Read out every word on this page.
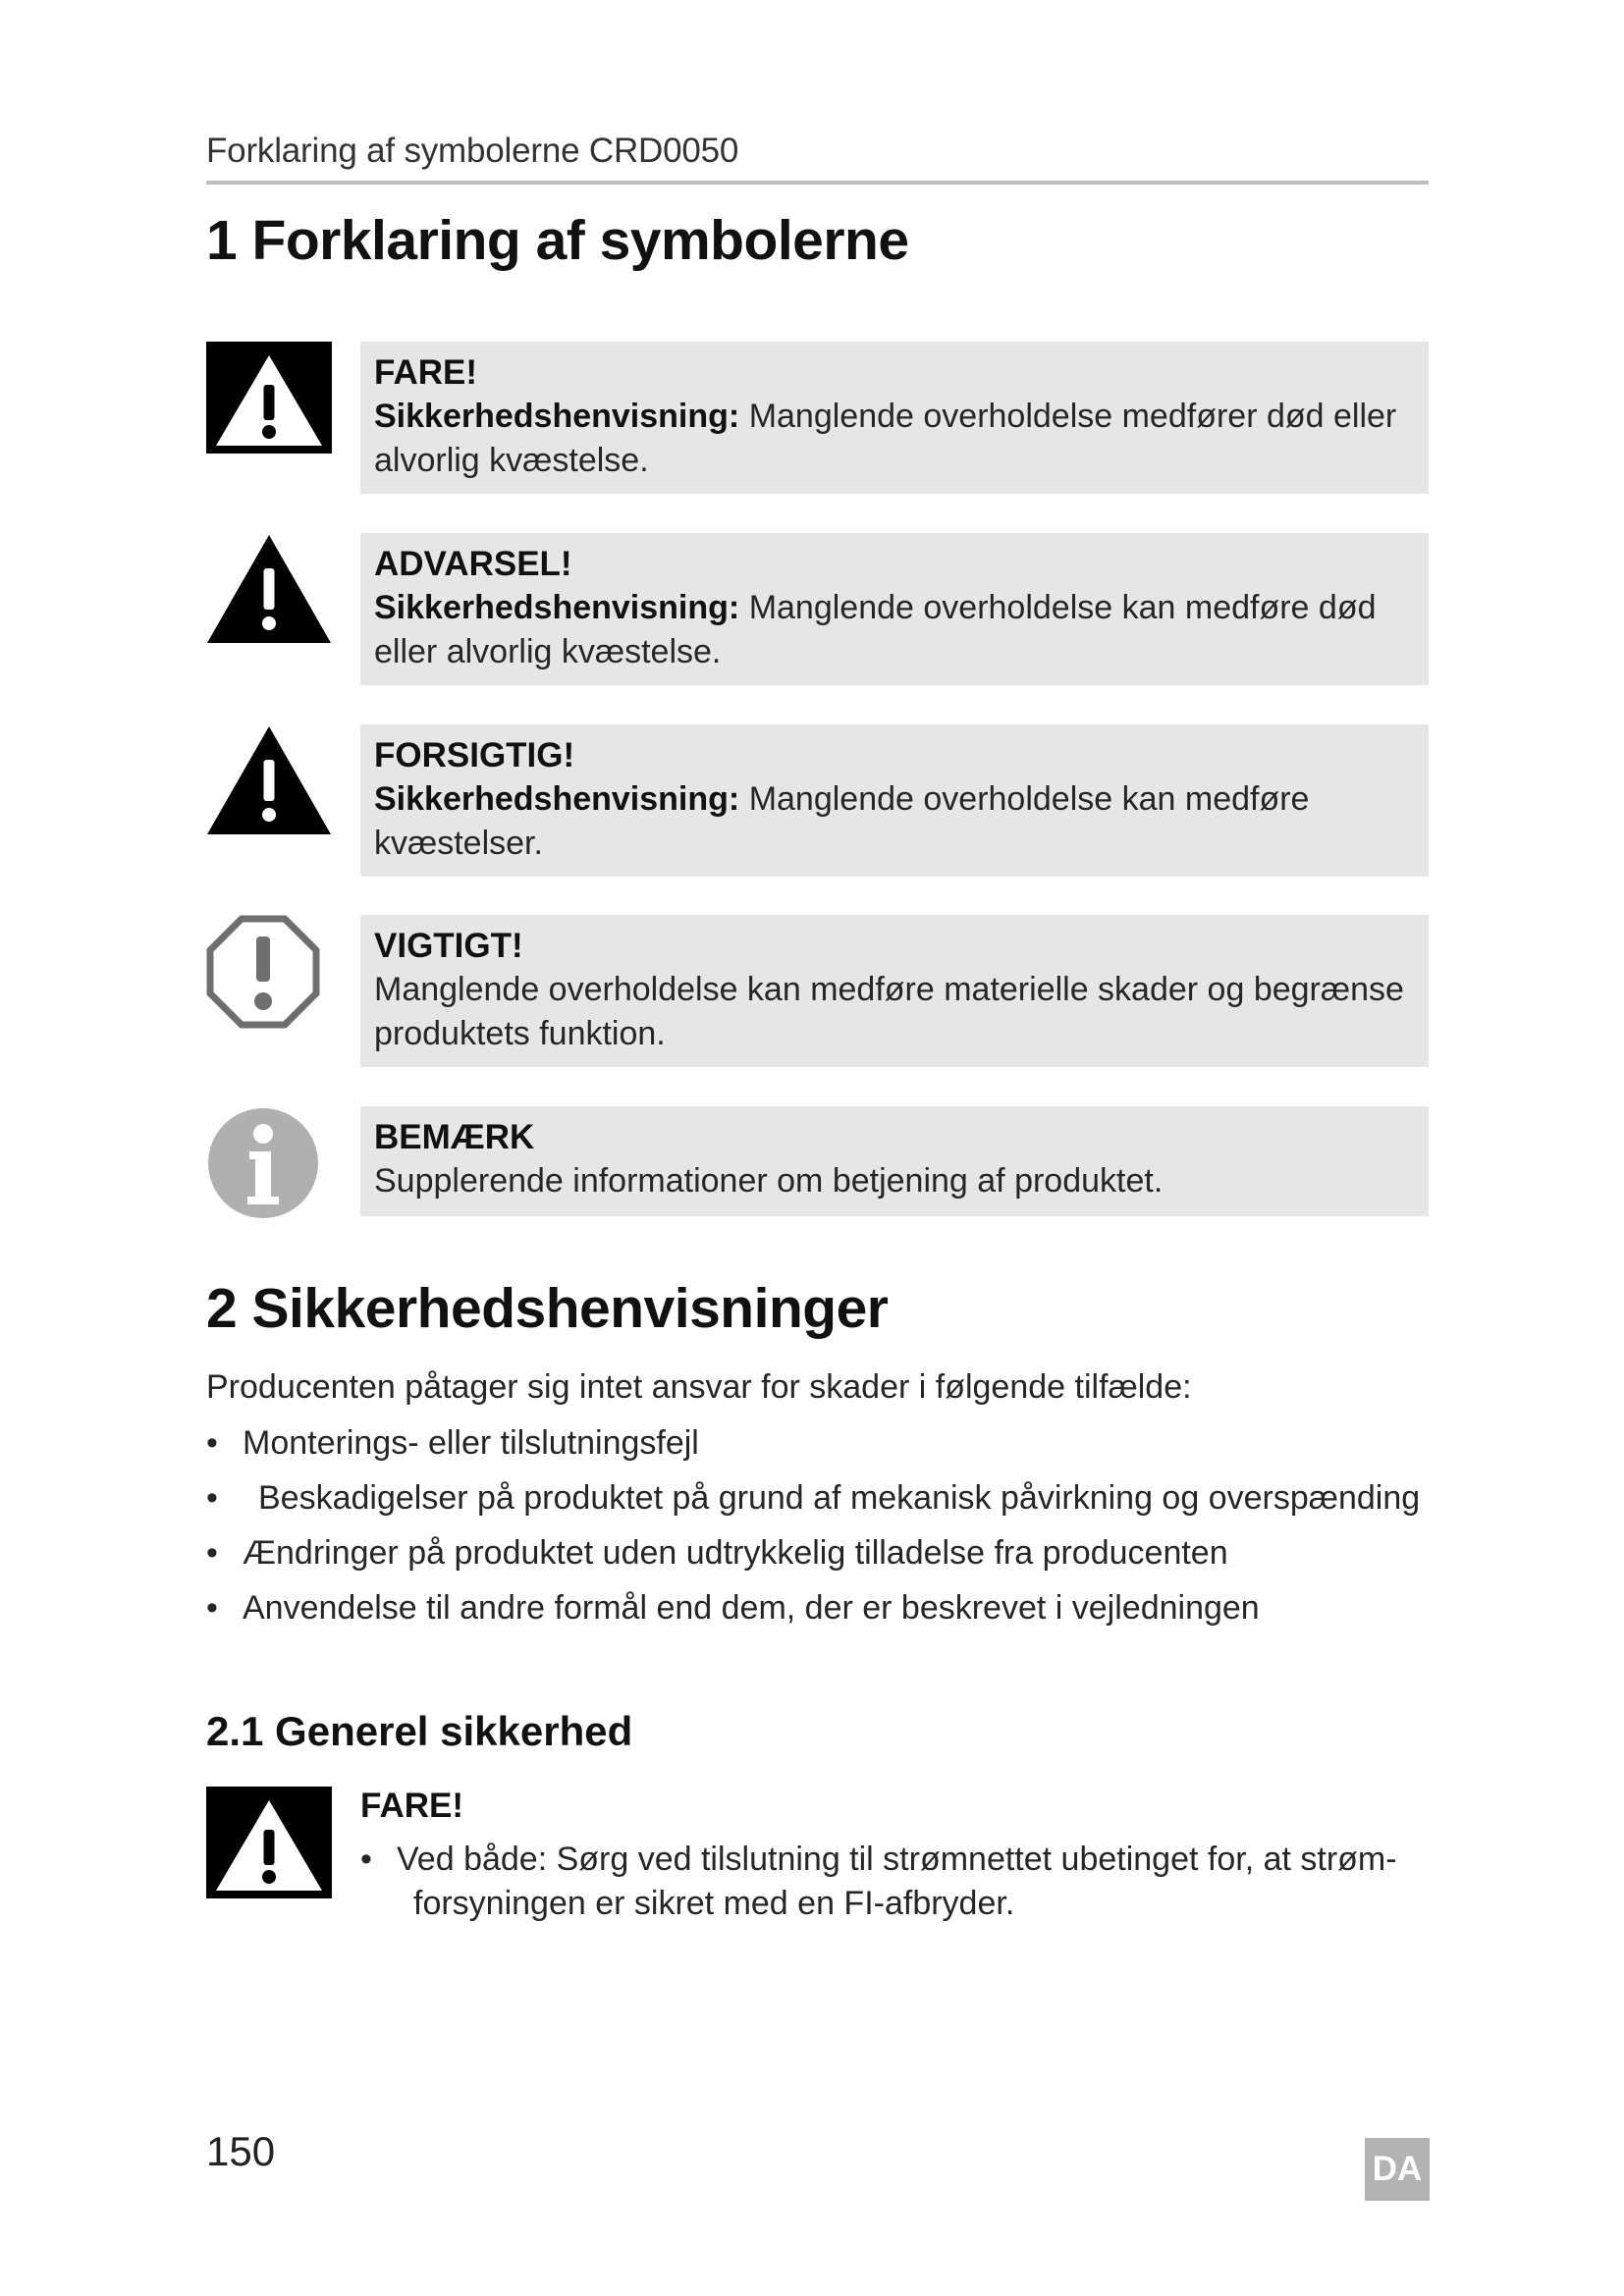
Forklaring af symbolerne CRD0050
1 Forklaring af symbolerne
FARE!
Sikkerhedshenvisning: Manglende overholdelse medfører død eller alvorlig kvæstelse.
ADVARSEL!
Sikkerhedshenvisning: Manglende overholdelse kan medføre død eller alvorlig kvæstelse.
FORSIGTIG!
Sikkerhedshenvisning: Manglende overholdelse kan medføre kvæstelser.
VIGTIGT!
Manglende overholdelse kan medføre materielle skader og begrænse produktets funktion.
BEMÆRK
Supplerende informationer om betjening af produktet.
2 Sikkerhedshenvisninger
Producenten påtager sig intet ansvar for skader i følgende tilfælde:
• Monterings- eller tilslutningsfejl
• Beskadigelser på produktet på grund af mekanisk påvirkning og overspænding
• Ændringer på produktet uden udtrykkelig tilladelse fra producenten
• Anvendelse til andre formål end dem, der er beskrevet i vejledningen
2.1 Generel sikkerhed
FARE!
• Ved både: Sørg ved tilslutning til strømnettet ubetinget for, at strøm-
forsyningen er sikret med en FI-afbryder.
150	DA
